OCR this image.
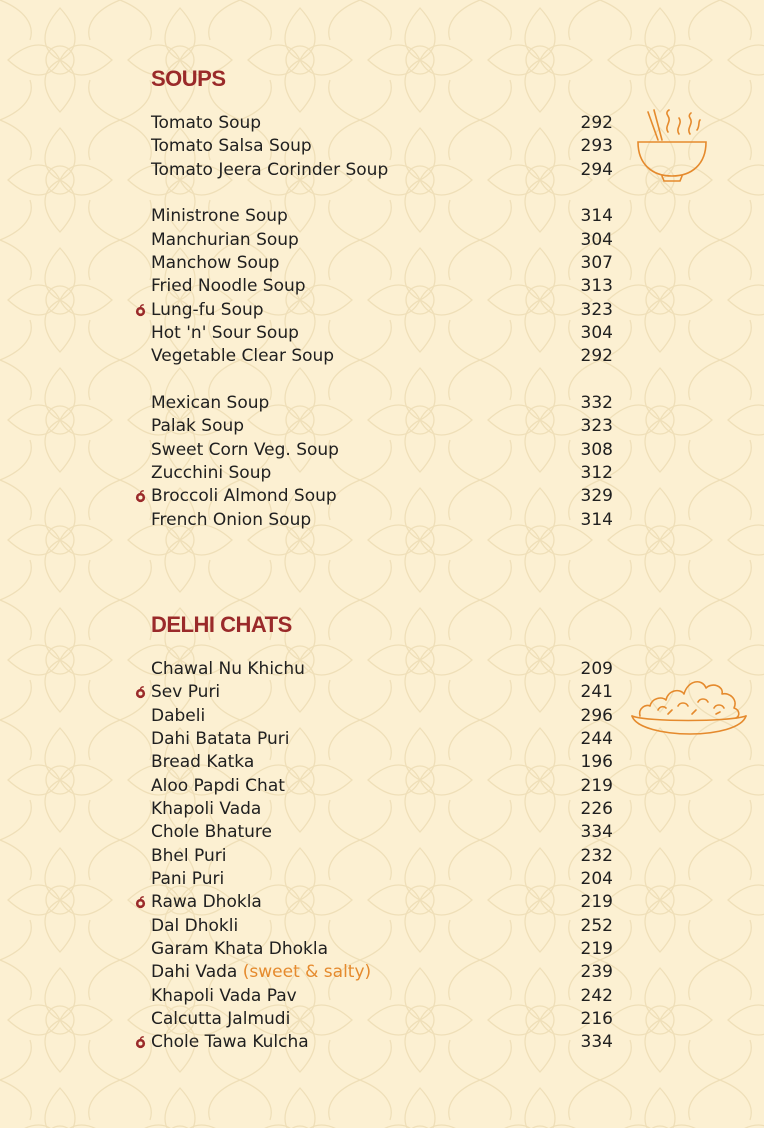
SOUPS
Tomato Soup	292
Tomato Salsa Soup	293
Tomato Jeera Corinder Soup	294
Ministrone Soup	314
Manchurian Soup	304
Manchow Soup	307
Fried Noodle Soup	313
Lung-fu Soup	323
Hot 'n' Sour Soup	304
Vegetable Clear Soup	292
Mexican Soup	332
Palak Soup	323
Sweet Corn Veg. Soup	308
Zucchini Soup	312
Broccoli Almond Soup	329
French Onion Soup	314
DELHI CHATS
Chawal Nu Khichu	209
Sev Puri	241
Dabeli	296
Dahi Batata Puri	244
Bread Katka	196
Aloo Papdi Chat	219
Khapoli Vada	226
Chole Bhature	334
Bhel Puri	232
Pani Puri	204
Rawa Dhokla	219
Dal Dhokli	252
Garam Khata Dhokla	219
Dahi Vada (sweet & salty)	239
Khapoli Vada Pav	242
Calcutta Jalmudi	216
Chole Tawa Kulcha	334
